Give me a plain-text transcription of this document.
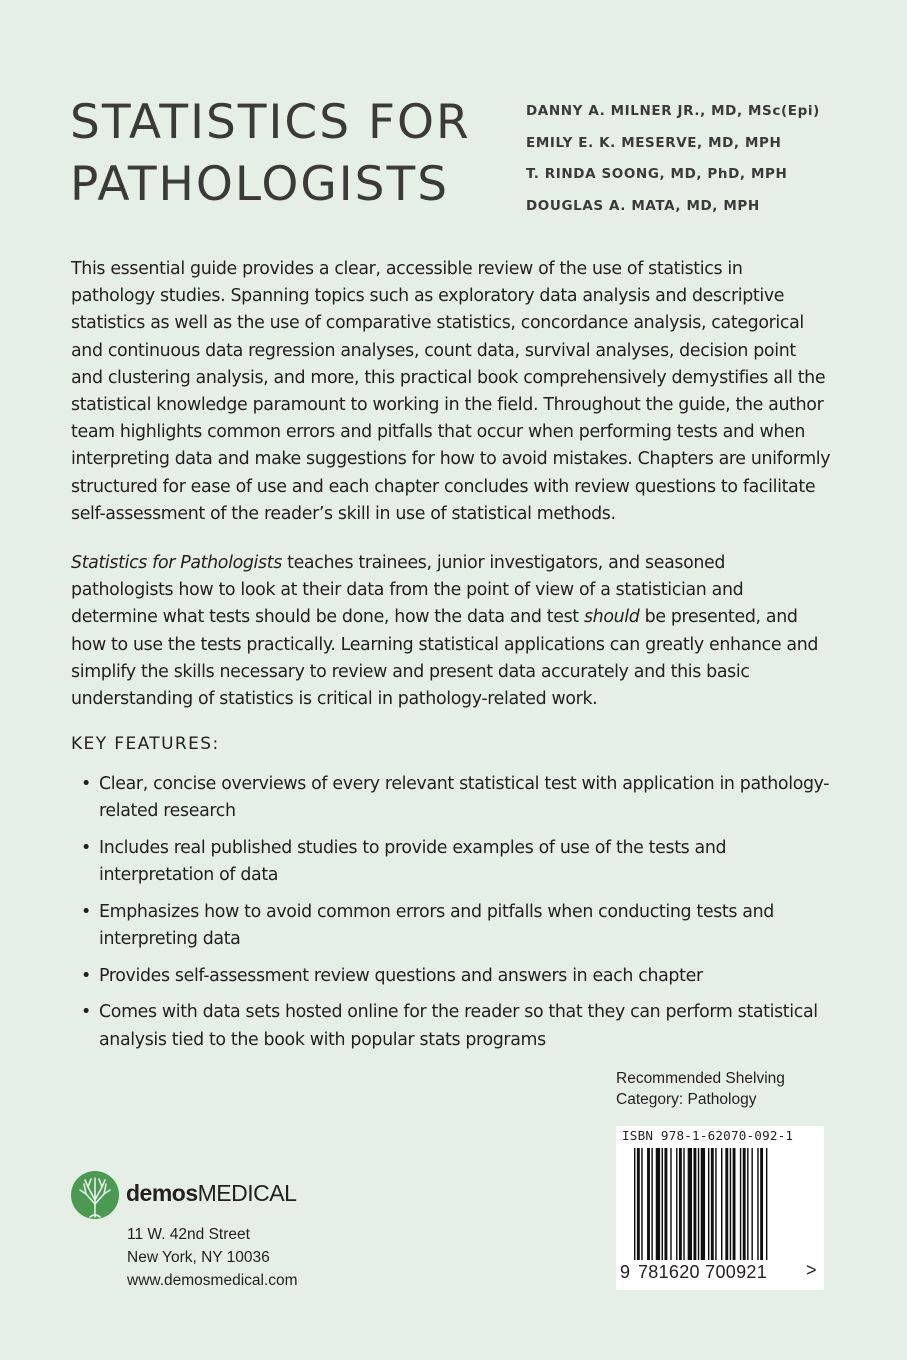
STATISTICS FOR
PATHOLOGISTS
DANNY A. MILNER JR., MD, MSc(Epi)
EMILY E. K. MESERVE, MD, MPH
T. RINDA SOONG, MD, PhD, MPH
DOUGLAS A. MATA, MD, MPH

This essential guide provides a clear, accessible review of the use of statistics in pathology studies. Spanning topics such as exploratory data analysis and descriptive statistics as well as the use of comparative statistics, concordance analysis, categorical and continuous data regression analyses, count data, survival analyses, decision point and clustering analysis, and more, this practical book comprehensively demystifies all the statistical knowledge paramount to working in the field. Throughout the guide, the author team highlights common errors and pitfalls that occur when performing tests and when interpreting data and make suggestions for how to avoid mistakes. Chapters are uniformly structured for ease of use and each chapter concludes with review questions to facilitate self-assessment of the reader’s skill in use of statistical methods.

Statistics for Pathologists teaches trainees, junior investigators, and seasoned pathologists how to look at their data from the point of view of a statistician and determine what tests should be done, how the data and test should be presented, and how to use the tests practically. Learning statistical applications can greatly enhance and simplify the skills necessary to review and present data accurately and this basic understanding of statistics is critical in pathology-related work.

KEY FEATURES:
• Clear, concise overviews of every relevant statistical test with application in pathology-related research
• Includes real published studies to provide examples of use of the tests and interpretation of data
• Emphasizes how to avoid common errors and pitfalls when conducting tests and interpreting data
• Provides self-assessment review questions and answers in each chapter
• Comes with data sets hosted online for the reader so that they can perform statistical analysis tied to the book with popular stats programs
Recommended Shelving
Category: Pathology
ISBN 978-1-62070-092-1
9 781620 700921 >
demosMEDICAL
11 W. 42nd Street
New York, NY 10036
www.demosmedical.com
